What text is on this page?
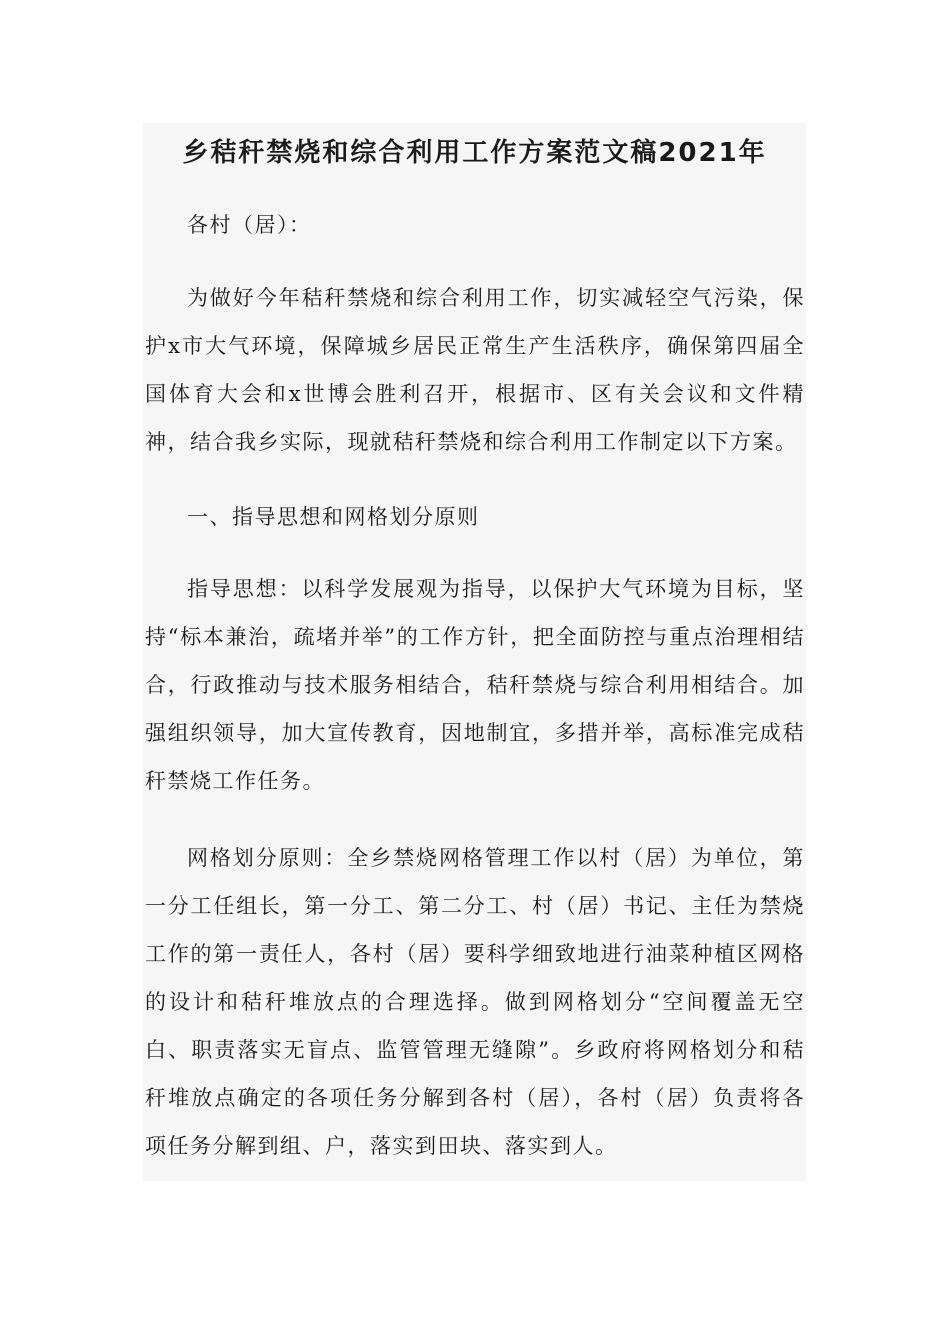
乡秸秆禁烧和综合利用工作方案范文稿2021年

各村（居）：

为做好今年秸秆禁烧和综合利用工作，切实减轻空气污染，保护x市大气环境，保障城乡居民正常生产生活秩序，确保第四届全国体育大会和x世博会胜利召开，根据市、区有关会议和文件精神，结合我乡实际，现就秸秆禁烧和综合利用工作制定以下方案。

一、指导思想和网格划分原则

指导思想：以科学发展观为指导，以保护大气环境为目标，坚持“标本兼治，疏堵并举”的工作方针，把全面防控与重点治理相结合，行政推动与技术服务相结合，秸秆禁烧与综合利用相结合。加强组织领导，加大宣传教育，因地制宜，多措并举，高标准完成秸秆禁烧工作任务。

网格划分原则：全乡禁烧网格管理工作以村（居）为单位，第一分工任组长，第一分工、第二分工、村（居）书记、主任为禁烧工作的第一责任人，各村（居）要科学细致地进行油菜种植区网格的设计和秸秆堆放点的合理选择。做到网格划分“空间覆盖无空白、职责落实无盲点、监管管理无缝隙”。乡政府将网格划分和秸秆堆放点确定的各项任务分解到各村（居），各村（居）负责将各项任务分解到组、户，落实到田块、落实到人。
